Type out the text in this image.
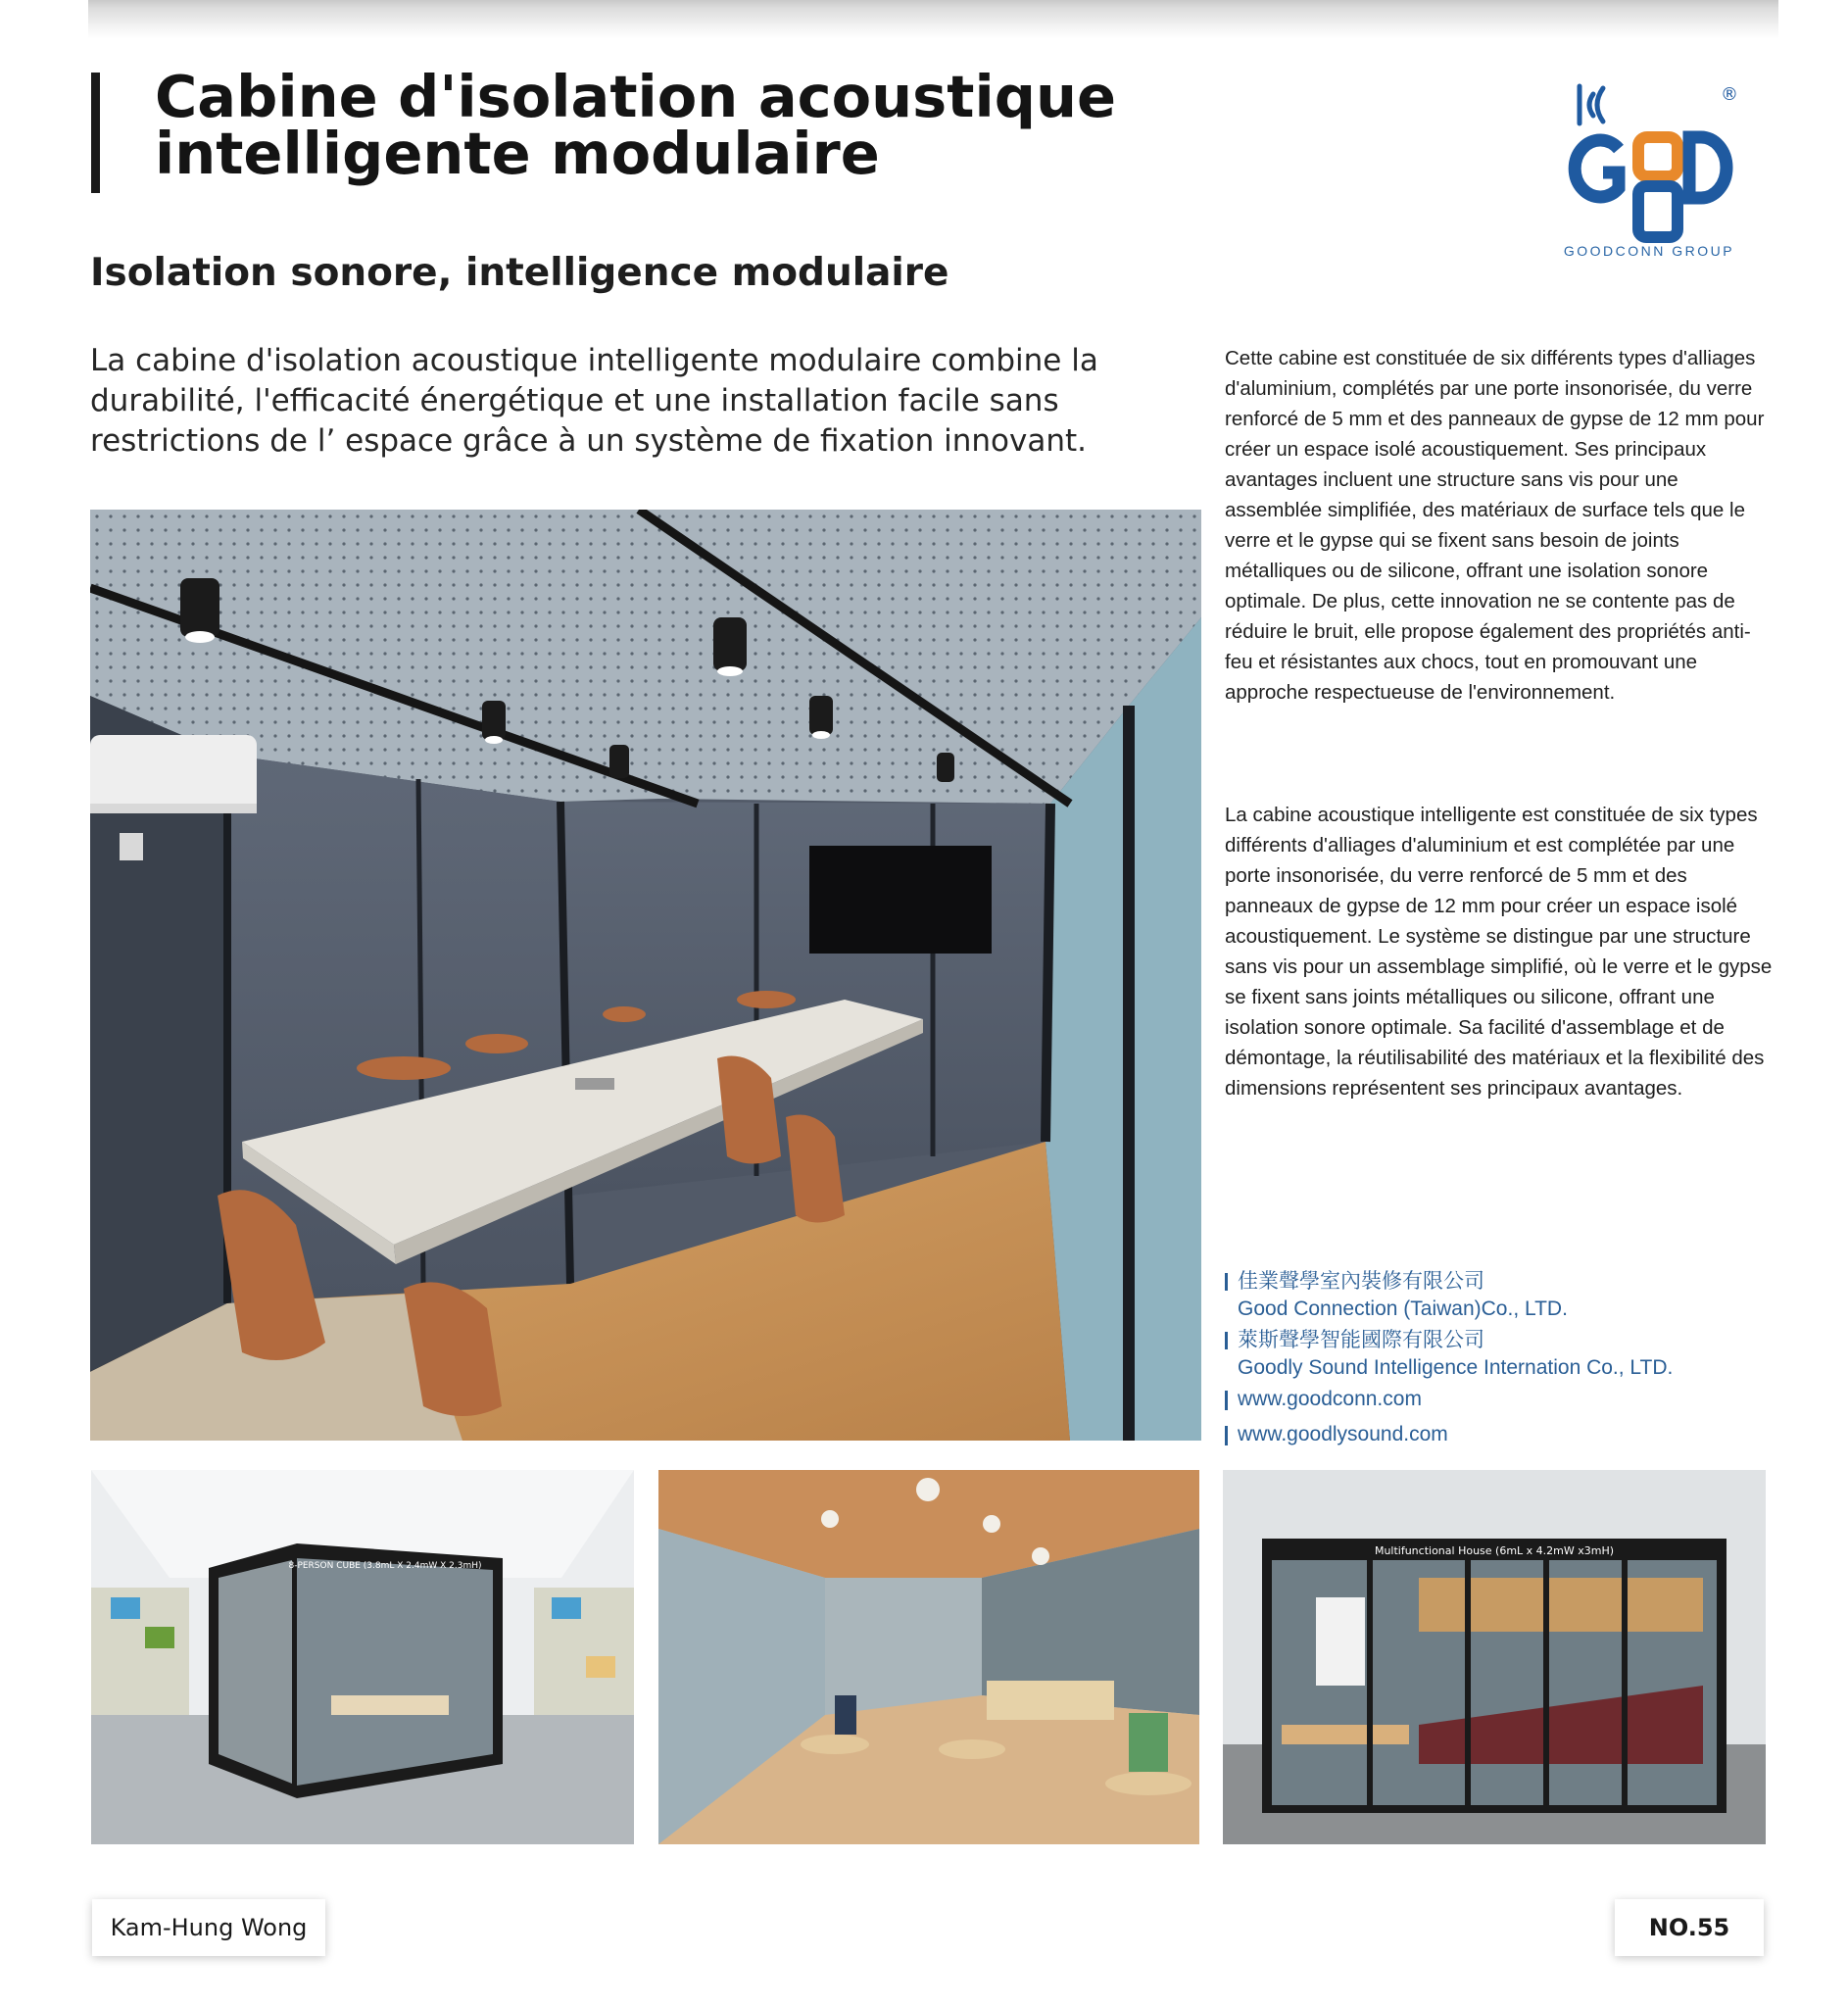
Cabine d'isolation acoustique intelligente modulaire
®
GOODCONN GROUP
Isolation sonore, intelligence modulaire

La cabine d'isolation acoustique intelligente modulaire combine la durabilité, l'efficacité énergétique et une installation facile sans restrictions de l’ espace grâce à un système de fixation innovant.

Cette cabine est constituée de six différents types d'alliages d'aluminium, complétés par une porte insonorisée, du verre renforcé de 5 mm et des panneaux de gypse de 12 mm pour créer un espace isolé acoustiquement. Ses principaux avantages incluent une structure sans vis pour une assemblée simplifiée, des matériaux de surface tels que le verre et le gypse qui se fixent sans besoin de joints métalliques ou de silicone, offrant une isolation sonore optimale. De plus, cette innovation ne se contente pas de réduire le bruit, elle propose également des propriétés anti-feu et résistantes aux chocs, tout en promouvant une approche respectueuse de l'environnement.

La cabine acoustique intelligente est constituée de six types différents d'alliages d'aluminium et est complétée par une porte insonorisée, du verre renforcé de 5 mm et des panneaux de gypse de 12 mm pour créer un espace isolé acoustiquement. Le système se distingue par une structure sans vis pour un assemblage simplifié, où le verre et le gypse se fixent sans joints métalliques ou silicone, offrant une isolation sonore optimale. Sa facilité d'assemblage et de démontage, la réutilisabilité des matériaux et la flexibilité des dimensions représentent ses principaux avantages.

8-PERSON CUBE (3.8mL X 2.4mW X 2.3mH)
Multifunctional House (6mL x 4.2mW x3mH)
佳業聲學室內裝修有限公司
Good Connection (Taiwan)Co., LTD.
萊斯聲學智能國際有限公司
Goodly Sound Intelligence Internation Co., LTD.
www.goodconn.com
www.goodlysound.com
Kam-Hung Wong	NO.55
